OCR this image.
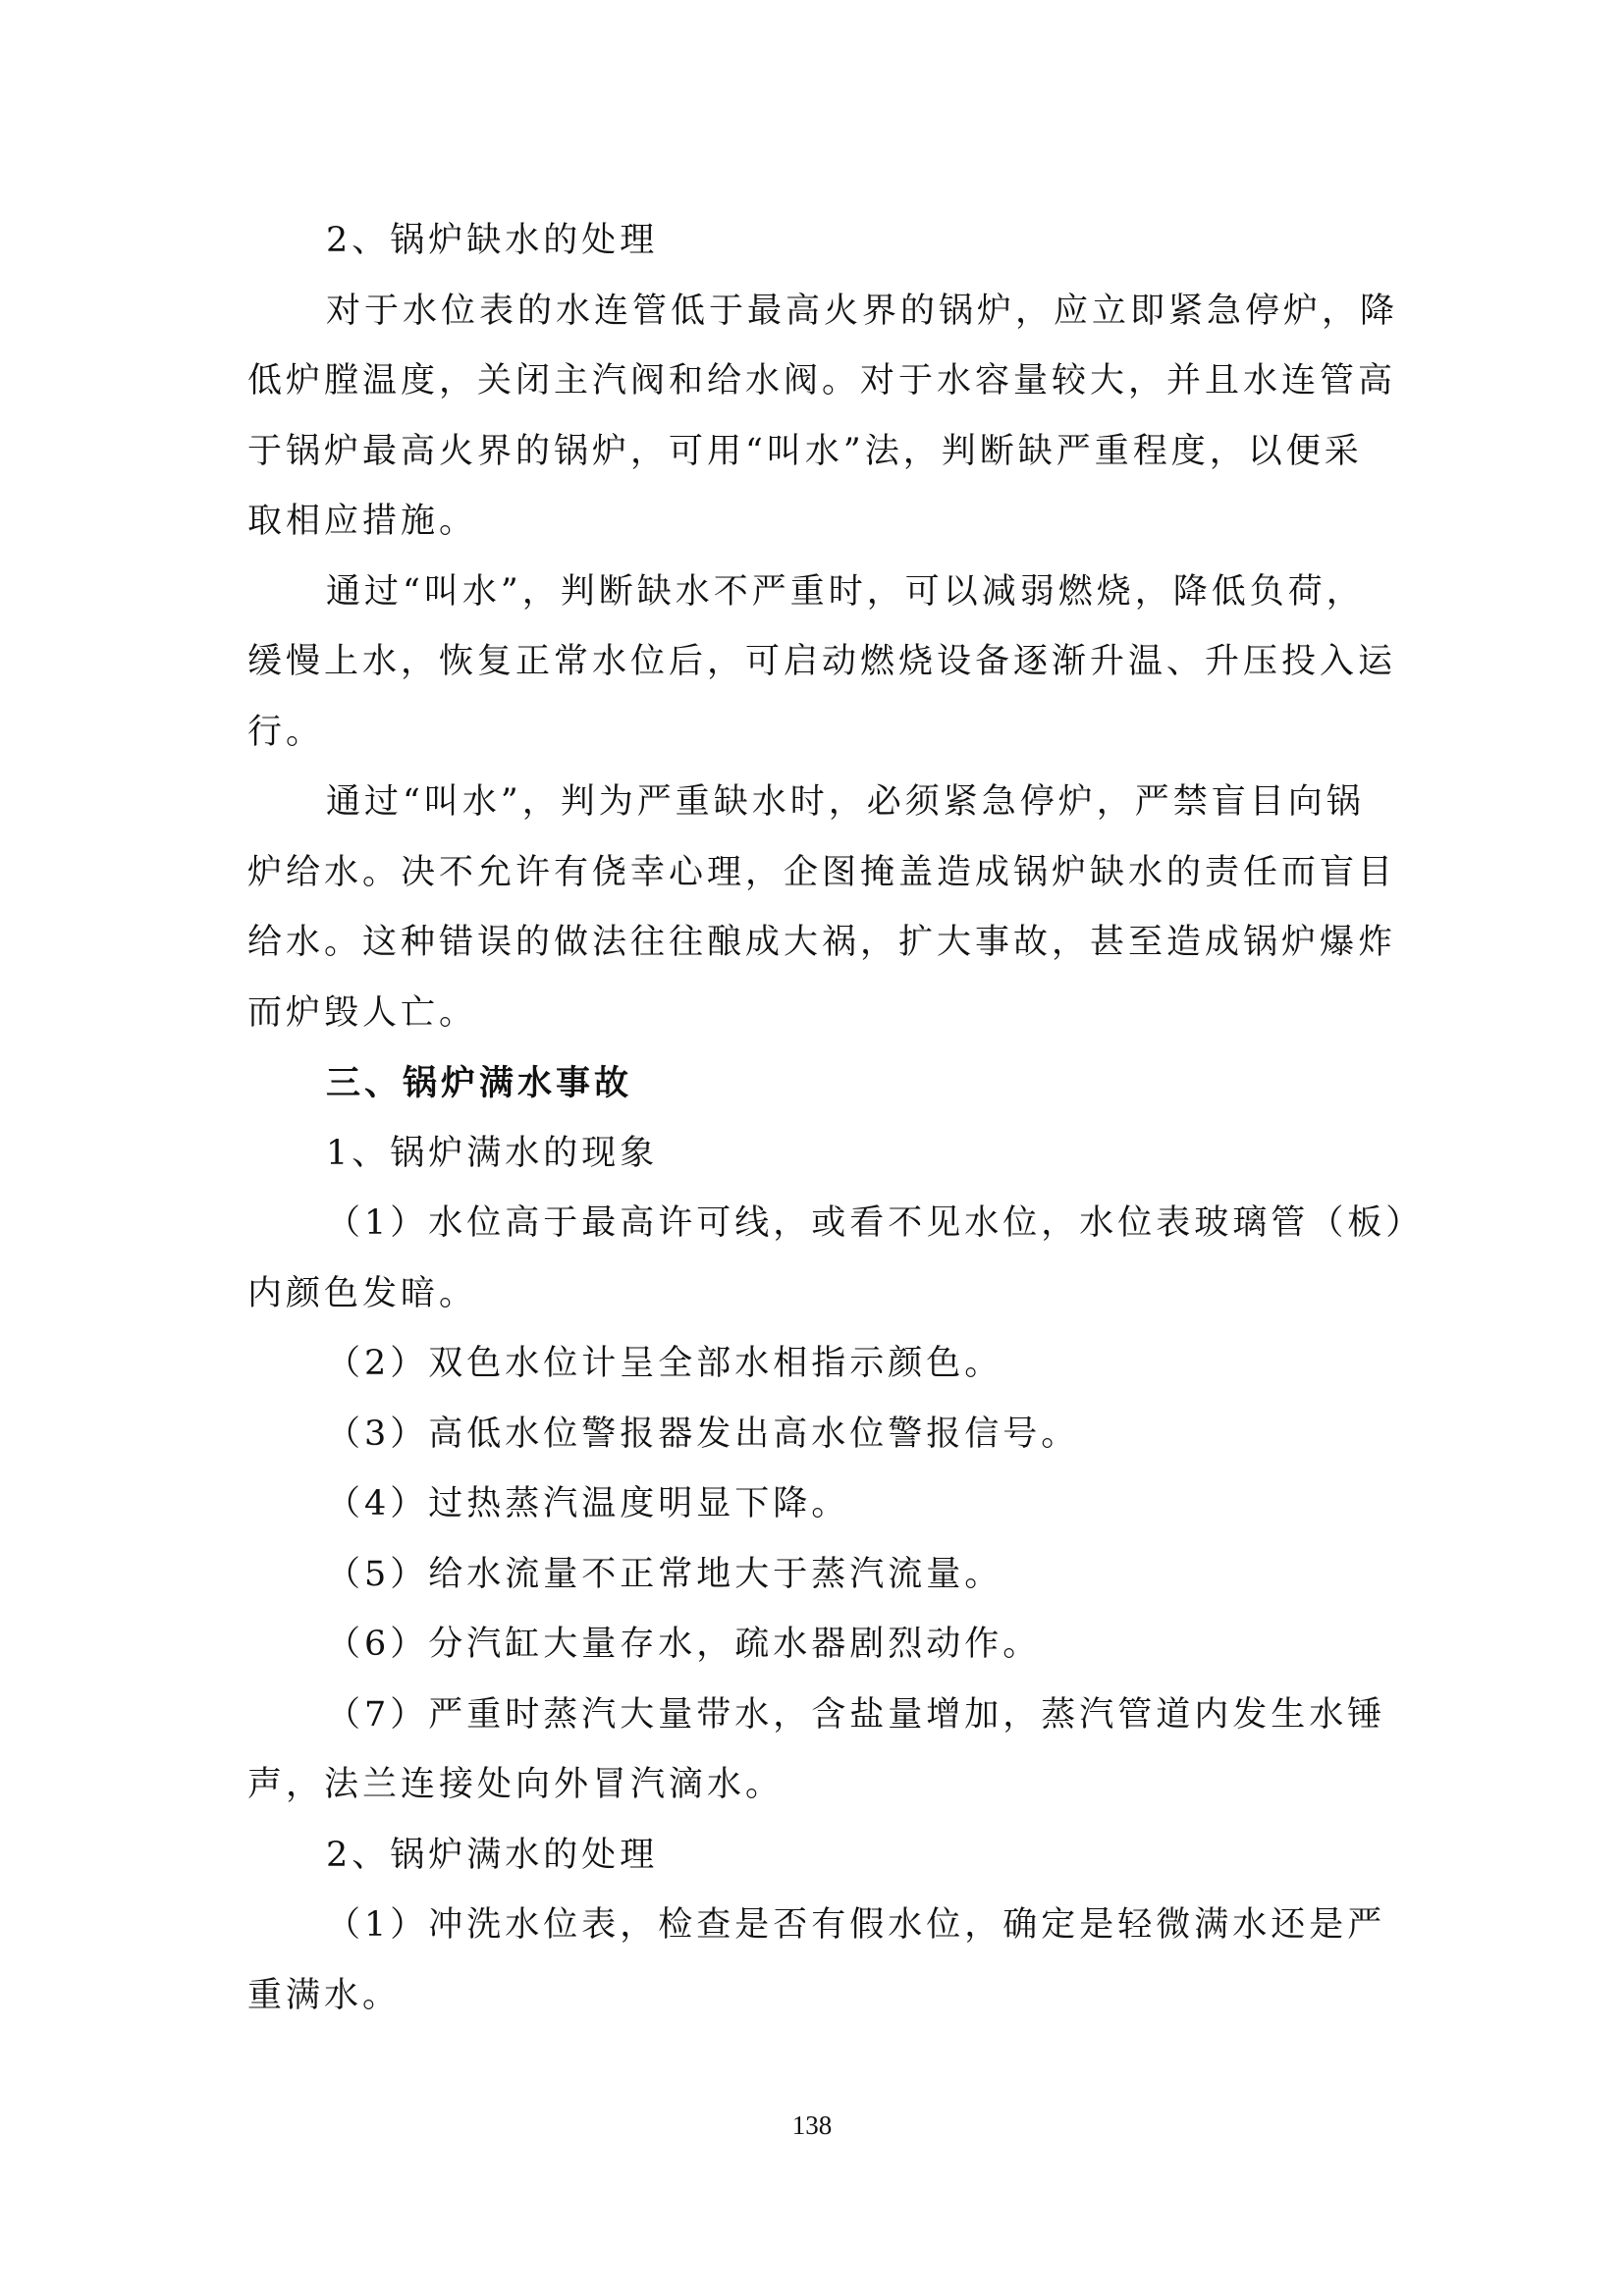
2、锅炉缺水的处理
对于水位表的水连管低于最高火界的锅炉，应立即紧急停炉，降
低炉膛温度，关闭主汽阀和给水阀。对于水容量较大，并且水连管高
于锅炉最高火界的锅炉，可用“叫水”法，判断缺严重程度，以便采
取相应措施。
通过“叫水”，判断缺水不严重时，可以减弱燃烧，降低负荷，
缓慢上水，恢复正常水位后，可启动燃烧设备逐渐升温、升压投入运
行。
通过“叫水”，判为严重缺水时，必须紧急停炉，严禁盲目向锅
炉给水。决不允许有侥幸心理，企图掩盖造成锅炉缺水的责任而盲目
给水。这种错误的做法往往酿成大祸，扩大事故，甚至造成锅炉爆炸
而炉毁人亡。
三、锅炉满水事故
1、锅炉满水的现象
（1）水位高于最高许可线，或看不见水位，水位表玻璃管（板）
内颜色发暗。
（2）双色水位计呈全部水相指示颜色。
（3）高低水位警报器发出高水位警报信号。
（4）过热蒸汽温度明显下降。
（5）给水流量不正常地大于蒸汽流量。
（6）分汽缸大量存水，疏水器剧烈动作。
（7）严重时蒸汽大量带水，含盐量增加，蒸汽管道内发生水锤
声，法兰连接处向外冒汽滴水。
2、锅炉满水的处理
（1）冲洗水位表，检查是否有假水位，确定是轻微满水还是严
重满水。
138
